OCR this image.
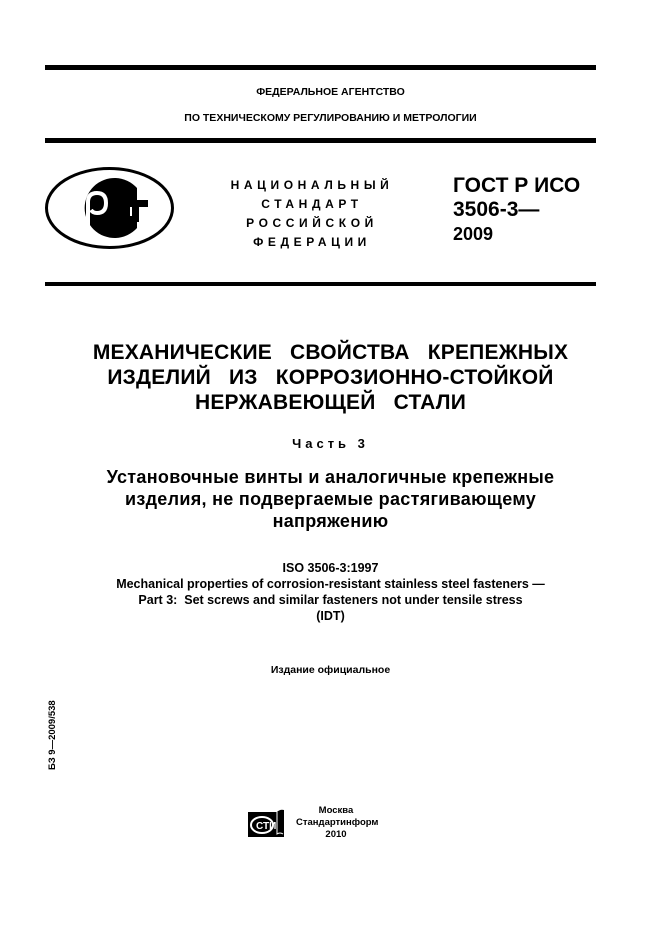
ФЕДЕРАЛЬНОЕ АГЕНТСТВО
ПО ТЕХНИЧЕСКОМУ РЕГУЛИРОВАНИЮ И МЕТРОЛОГИИ
НАЦИОНАЛЬНЫЙ
СТАНДАРТ
РОССИЙСКОЙ
ФЕДЕРАЦИИ
ГОСТ Р ИСО
3506-3—
2009
МЕХАНИЧЕСКИЕ  СВОЙСТВА  КРЕПЕЖНЫХ
ИЗДЕЛИЙ  ИЗ  КОРРОЗИОННО-СТОЙКОЙ
НЕРЖАВЕЮЩЕЙ  СТАЛИ
Часть 3
Установочные винты и аналогичные крепежные
изделия, не подвергаемые растягивающему
напряжению
ISO 3506-3:1997
Mechanical properties of corrosion-resistant stainless steel fasteners —
Part 3:  Set screws and similar fasteners not under tensile stress
(IDT)
Издание официальное
БЗ 9—2009/538
СТИ
Москва
Стандартинформ
2010
